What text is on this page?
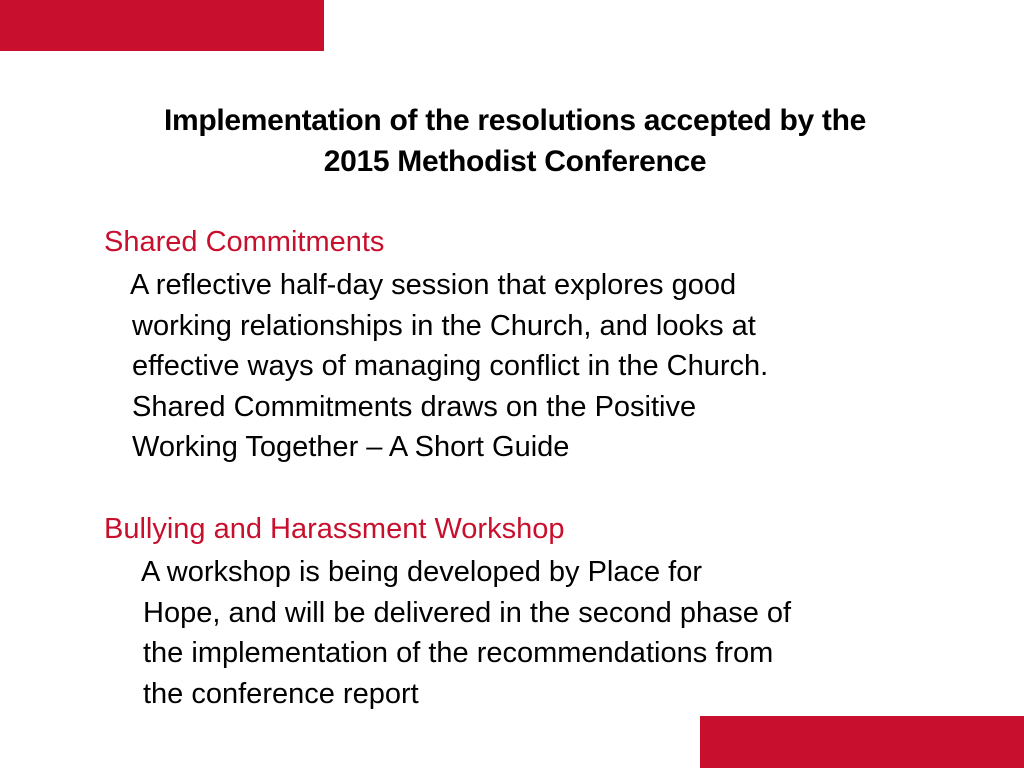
Implementation of the resolutions accepted by the
2015 Methodist Conference
Shared Commitments
A reflective half-day session that explores good
working relationships in the Church, and looks at
effective ways of managing conflict in the Church.
Shared Commitments draws on the Positive
Working Together – A Short Guide
Bullying and Harassment Workshop
A workshop is being developed by Place for
Hope, and will be delivered in the second phase of
the implementation of the recommendations from
the conference report
